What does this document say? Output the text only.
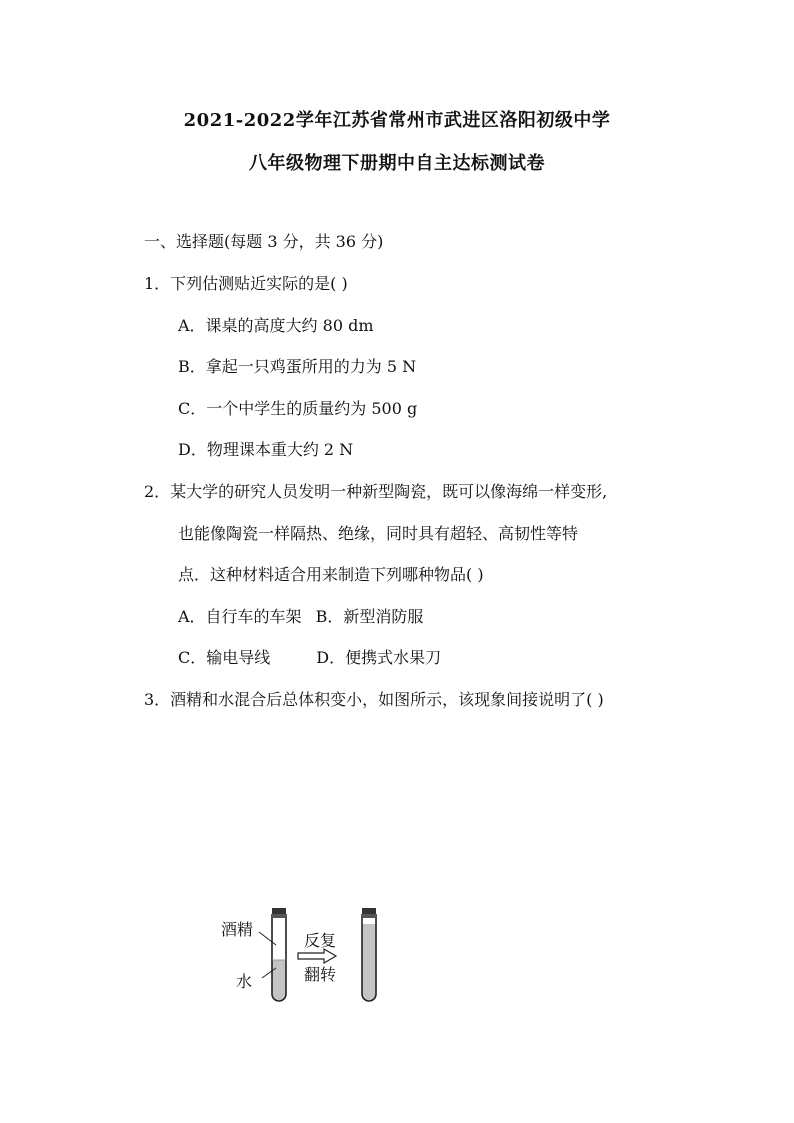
2021-2022学年江苏省常州市武进区洛阳初级中学
八年级物理下册期中自主达标测试卷
一、选择题(每题 3 分，共 36 分)
1．下列估测贴近实际的是( )
A．课桌的高度大约 80 dm
B．拿起一只鸡蛋所用的力为 5 N
C．一个中学生的质量约为 500 g
D．物理课本重大约 2 N
2．某大学的研究人员发明一种新型陶瓷，既可以像海绵一样变形,
也能像陶瓷一样隔热、绝缘，同时具有超轻、高韧性等特
点．这种材料适合用来制造下列哪种物品( )
A．自行车的车架 B．新型消防服
C．输电导线	D．便携式水果刀
3．酒精和水混合后总体积变小，如图所示，该现象间接说明了( )
酒精
水
反复
翻转
